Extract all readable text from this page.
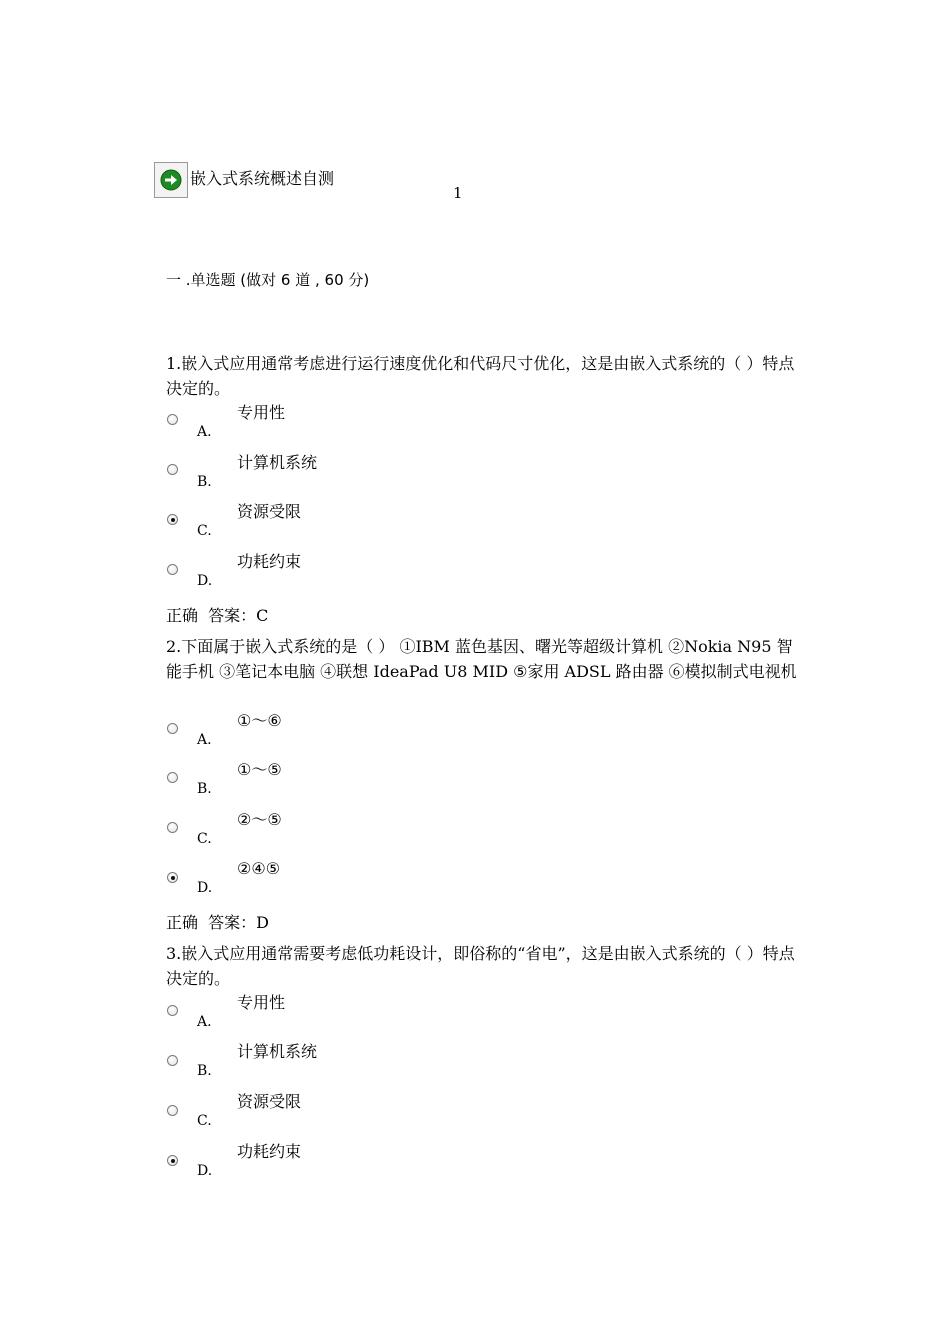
嵌入式系统概述自测
1
一 .单选题 (做对 6 道 , 60 分)
1.嵌入式应用通常考虑进行运行速度优化和代码尺寸优化，这是由嵌入式系统的（ ）特点决定的。
专用性
A.
计算机系统
B.
资源受限
C.
功耗约束
D.
正确  答案：C
2.下面属于嵌入式系统的是（ ） ①IBM 蓝色基因、曙光等超级计算机 ②Nokia N95 智能手机 ③笔记本电脑 ④联想 IdeaPad U8 MID ⑤家用 ADSL 路由器 ⑥模拟制式电视机
①～⑥
A.
①～⑤
B.
②～⑤
C.
②④⑤
D.
正确  答案：D
3.嵌入式应用通常需要考虑低功耗设计，即俗称的“省电”，这是由嵌入式系统的（ ）特点决定的。
专用性
A.
计算机系统
B.
资源受限
C.
功耗约束
D.
